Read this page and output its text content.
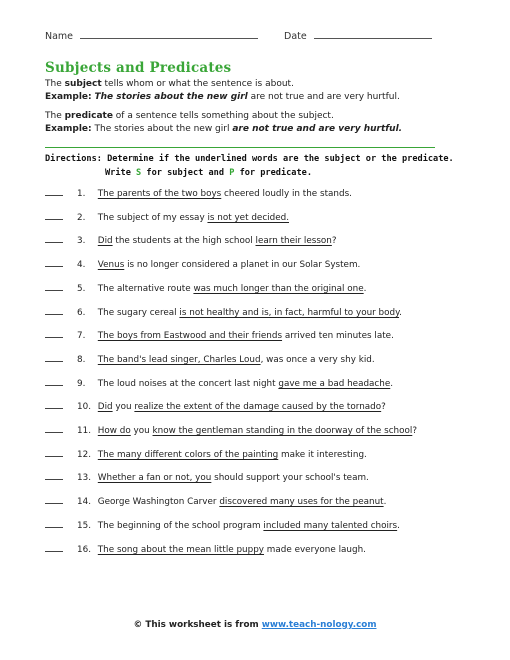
Name	Date
Subjects and Predicates
The subject tells whom or what the sentence is about.
Example: The stories about the new girl are not true and are very hurtful.
The predicate of a sentence tells something about the subject.
Example: The stories about the new girl are not true and are very hurtful.
Directions: Determine if the underlined words are the subject or the predicate.
Write S for subject and P for predicate.
1. The parents of the two boys cheered loudly in the stands.
2. The subject of my essay is not yet decided.
3. Did the students at the high school learn their lesson?
4. Venus is no longer considered a planet in our Solar System.
5. The alternative route was much longer than the original one.
6. The sugary cereal is not healthy and is, in fact, harmful to your body.
7. The boys from Eastwood and their friends arrived ten minutes late.
8. The band's lead singer, Charles Loud, was once a very shy kid.
9. The loud noises at the concert last night gave me a bad headache.
10. Did you realize the extent of the damage caused by the tornado?
11. How do you know the gentleman standing in the doorway of the school?
12. The many different colors of the painting make it interesting.
13. Whether a fan or not, you should support your school's team.
14. George Washington Carver discovered many uses for the peanut.
15. The beginning of the school program included many talented choirs.
16. The song about the mean little puppy made everyone laugh.
© This worksheet is from www.teach-nology.com
